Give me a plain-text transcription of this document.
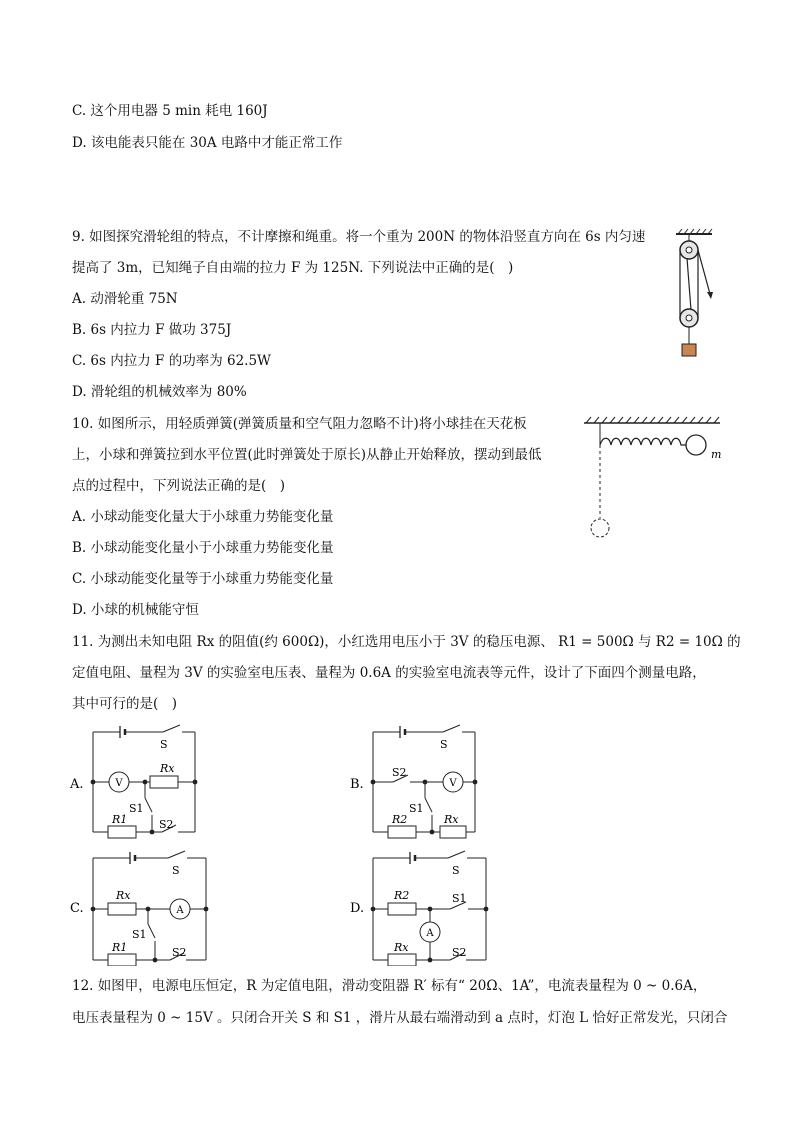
C. 这个用电器 5 min 耗电 160J
D. 该电能表只能在 30A 电路中才能正常工作
9. 如图探究滑轮组的特点，不计摩擦和绳重。将一个重为 200N 的物体沿竖直方向在 6s 内匀速
提高了 3m，已知绳子自由端的拉力 F 为 125N. 下列说法中正确的是(　)
A. 动滑轮重 75N
B. 6s 内拉力 F 做功 375J
C. 6s 内拉力 F 的功率为 62.5W
D. 滑轮组的机械效率为 80%
10. 如图所示，用轻质弹簧(弹簧质量和空气阻力忽略不计)将小球挂在天花板
上，小球和弹簧拉到水平位置(此时弹簧处于原长)从静止开始释放，摆动到最低
点的过程中，下列说法正确的是(　)
A. 小球动能变化量大于小球重力势能变化量
B. 小球动能变化量小于小球重力势能变化量
C. 小球动能变化量等于小球重力势能变化量
D. 小球的机械能守恒
m
11. 为测出未知电阻 Rx 的阻值(约 600Ω)，小红选用电压小于 3V 的稳压电源、 R1 = 500Ω 与 R2 = 10Ω 的
定值电阻、量程为 3V 的实验室电压表、量程为 0.6A 的实验室电流表等元件，设计了下面四个测量电路，
其中可行的是(　)
A.	V
S
Rx
S1
R1	S2
B.	V
S
S2
S1
R2	Rx
C.	A
S
Rx
S1
R1	S2
D.
A
S
R2	S1
Rx	S2
12. 如图甲，电源电压恒定，R 为定值电阻，滑动变阻器 R′ 标有“ 20Ω、1A”，电流表量程为 0 ~ 0.6A，
电压表量程为 0 ~ 15V 。只闭合开关 S 和 S1 ，滑片从最右端滑动到 a 点时，灯泡 L 恰好正常发光，只闭合
